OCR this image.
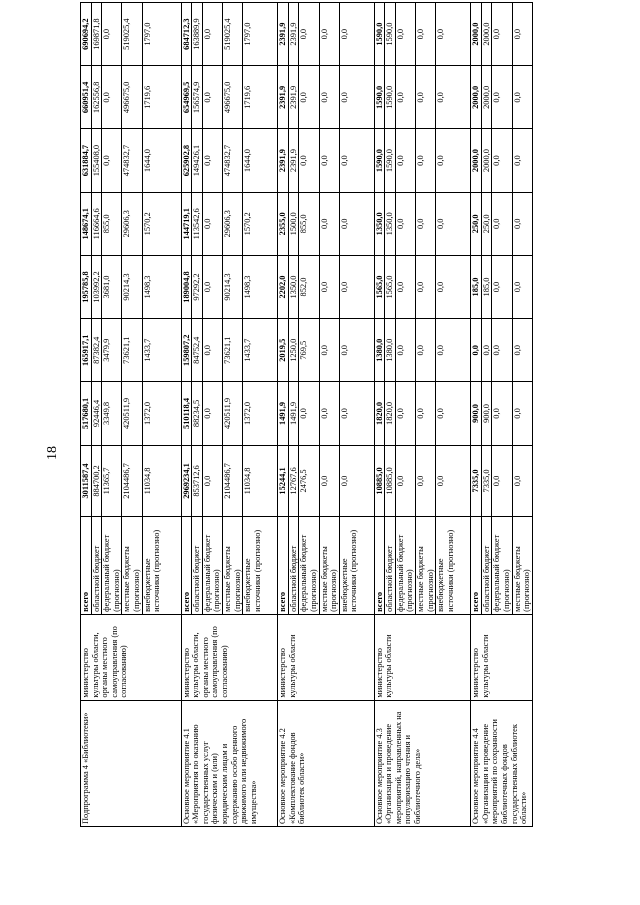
18
Подпрограмма 4 «Библиотеки»	министерство культуры области, органы местного самоуправления (по согласованию)	всего	3011587,4	517680,1	165917,1	195785,8	148674,1	631884,7	660951,4	690694,2
		областной бюджет	884700,2	92446,4	87382,4	103992,2	116664,6	155408,0	162556,8	169871,8
		федеральный бюджет (прогнозно)	11365,7	3349,8	3479,9	3681,0	855,0	0,0	0,0	0,0
		местные бюджеты (прогнозно)	2104486,7	420511,9	73621,1	90214,3	29606,3	474832,7	496675,0	519025,4
		внебюджетные источники (прогнозно)	11034,8	1372,0	1433,7	1498,3	1570,2	1644,0	1719,6	1797,0
Основное мероприятие 4.1 «Мероприятия по оказанию государственных услуг физическим и (или) юридическим лицам и содержанию особо ценного движимого или недвижимого имущества»	министерство культуры области, органы местного самоуправления (по согласованию)	всего	2969234,1	510118,4	159807,2	189004,8	144719,1	625902,8	654969,5	684712,3
		областной бюджет	853712,6	88234,5	84752,4	97292,2	113542,6	149426,1	156574,9	163889,9
		федеральный бюджет (прогнозно)	0,0	0,0	0,0	0,0	0,0	0,0	0,0	0,0
		местные бюджеты (прогнозно)	2104486,7	420511,9	73621,1	90214,3	29606,3	474832,7	496675,0	519025,4
		внебюджетные источники (прогнозно)	11034,8	1372,0	1433,7	1498,3	1570,2	1644,0	1719,6	1797,0
Основное мероприятие 4.2 «Комплектование фондов библиотек области»	министерство культуры области	всего	15244,1	1491,9	2019,5	2202,0	2355,0	2391,9	2391,9	2391,9
		областной бюджет	12767,6	1491,9	1250,0	1350,0	1500,0	2391,9	2391,9	2391,9
		федеральный бюджет (прогнозно)	2476,5	0,0	769,5	852,0	855,0	0,0	0,0	0,0
		местные бюджеты (прогнозно)	0,0	0,0	0,0	0,0	0,0	0,0	0,0	0,0
		внебюджетные источники (прогнозно)	0,0	0,0	0,0	0,0	0,0	0,0	0,0	0,0
Основное мероприятие 4.3 «Организация и проведение мероприятий, направленных на популяризацию чтения и библиотечного дела»	министерство культуры области	всего	10885,0	1820,0	1380,0	1565,0	1350,0	1590,0	1590,0	1590,0
		областной бюджет	10885,0	1820,0	1380,0	1565,0	1350,0	1590,0	1590,0	1590,0
		федеральный бюджет (прогнозно)	0,0	0,0	0,0	0,0	0,0	0,0	0,0	0,0
		местные бюджеты (прогнозно)	0,0	0,0	0,0	0,0	0,0	0,0	0,0	0,0
		внебюджетные источники (прогнозно)	0,0	0,0	0,0	0,0	0,0	0,0	0,0	0,0
Основное мероприятие 4.4 «Организация и проведение мероприятий по сохранности библиотечных фондов государственных библиотек области»	министерство культуры области	всего	7335,0	900,0	0,0	185,0	250,0	2000,0	2000,0	2000,0
		областной бюджет	7335,0	900,0	0,0	185,0	250,0	2000,0	2000,0	2000,0
		федеральный бюджет (прогнозно)	0,0	0,0	0,0	0,0	0,0	0,0	0,0	0,0
		местные бюджеты (прогнозно)	0,0	0,0	0,0	0,0	0,0	0,0	0,0	0,0
